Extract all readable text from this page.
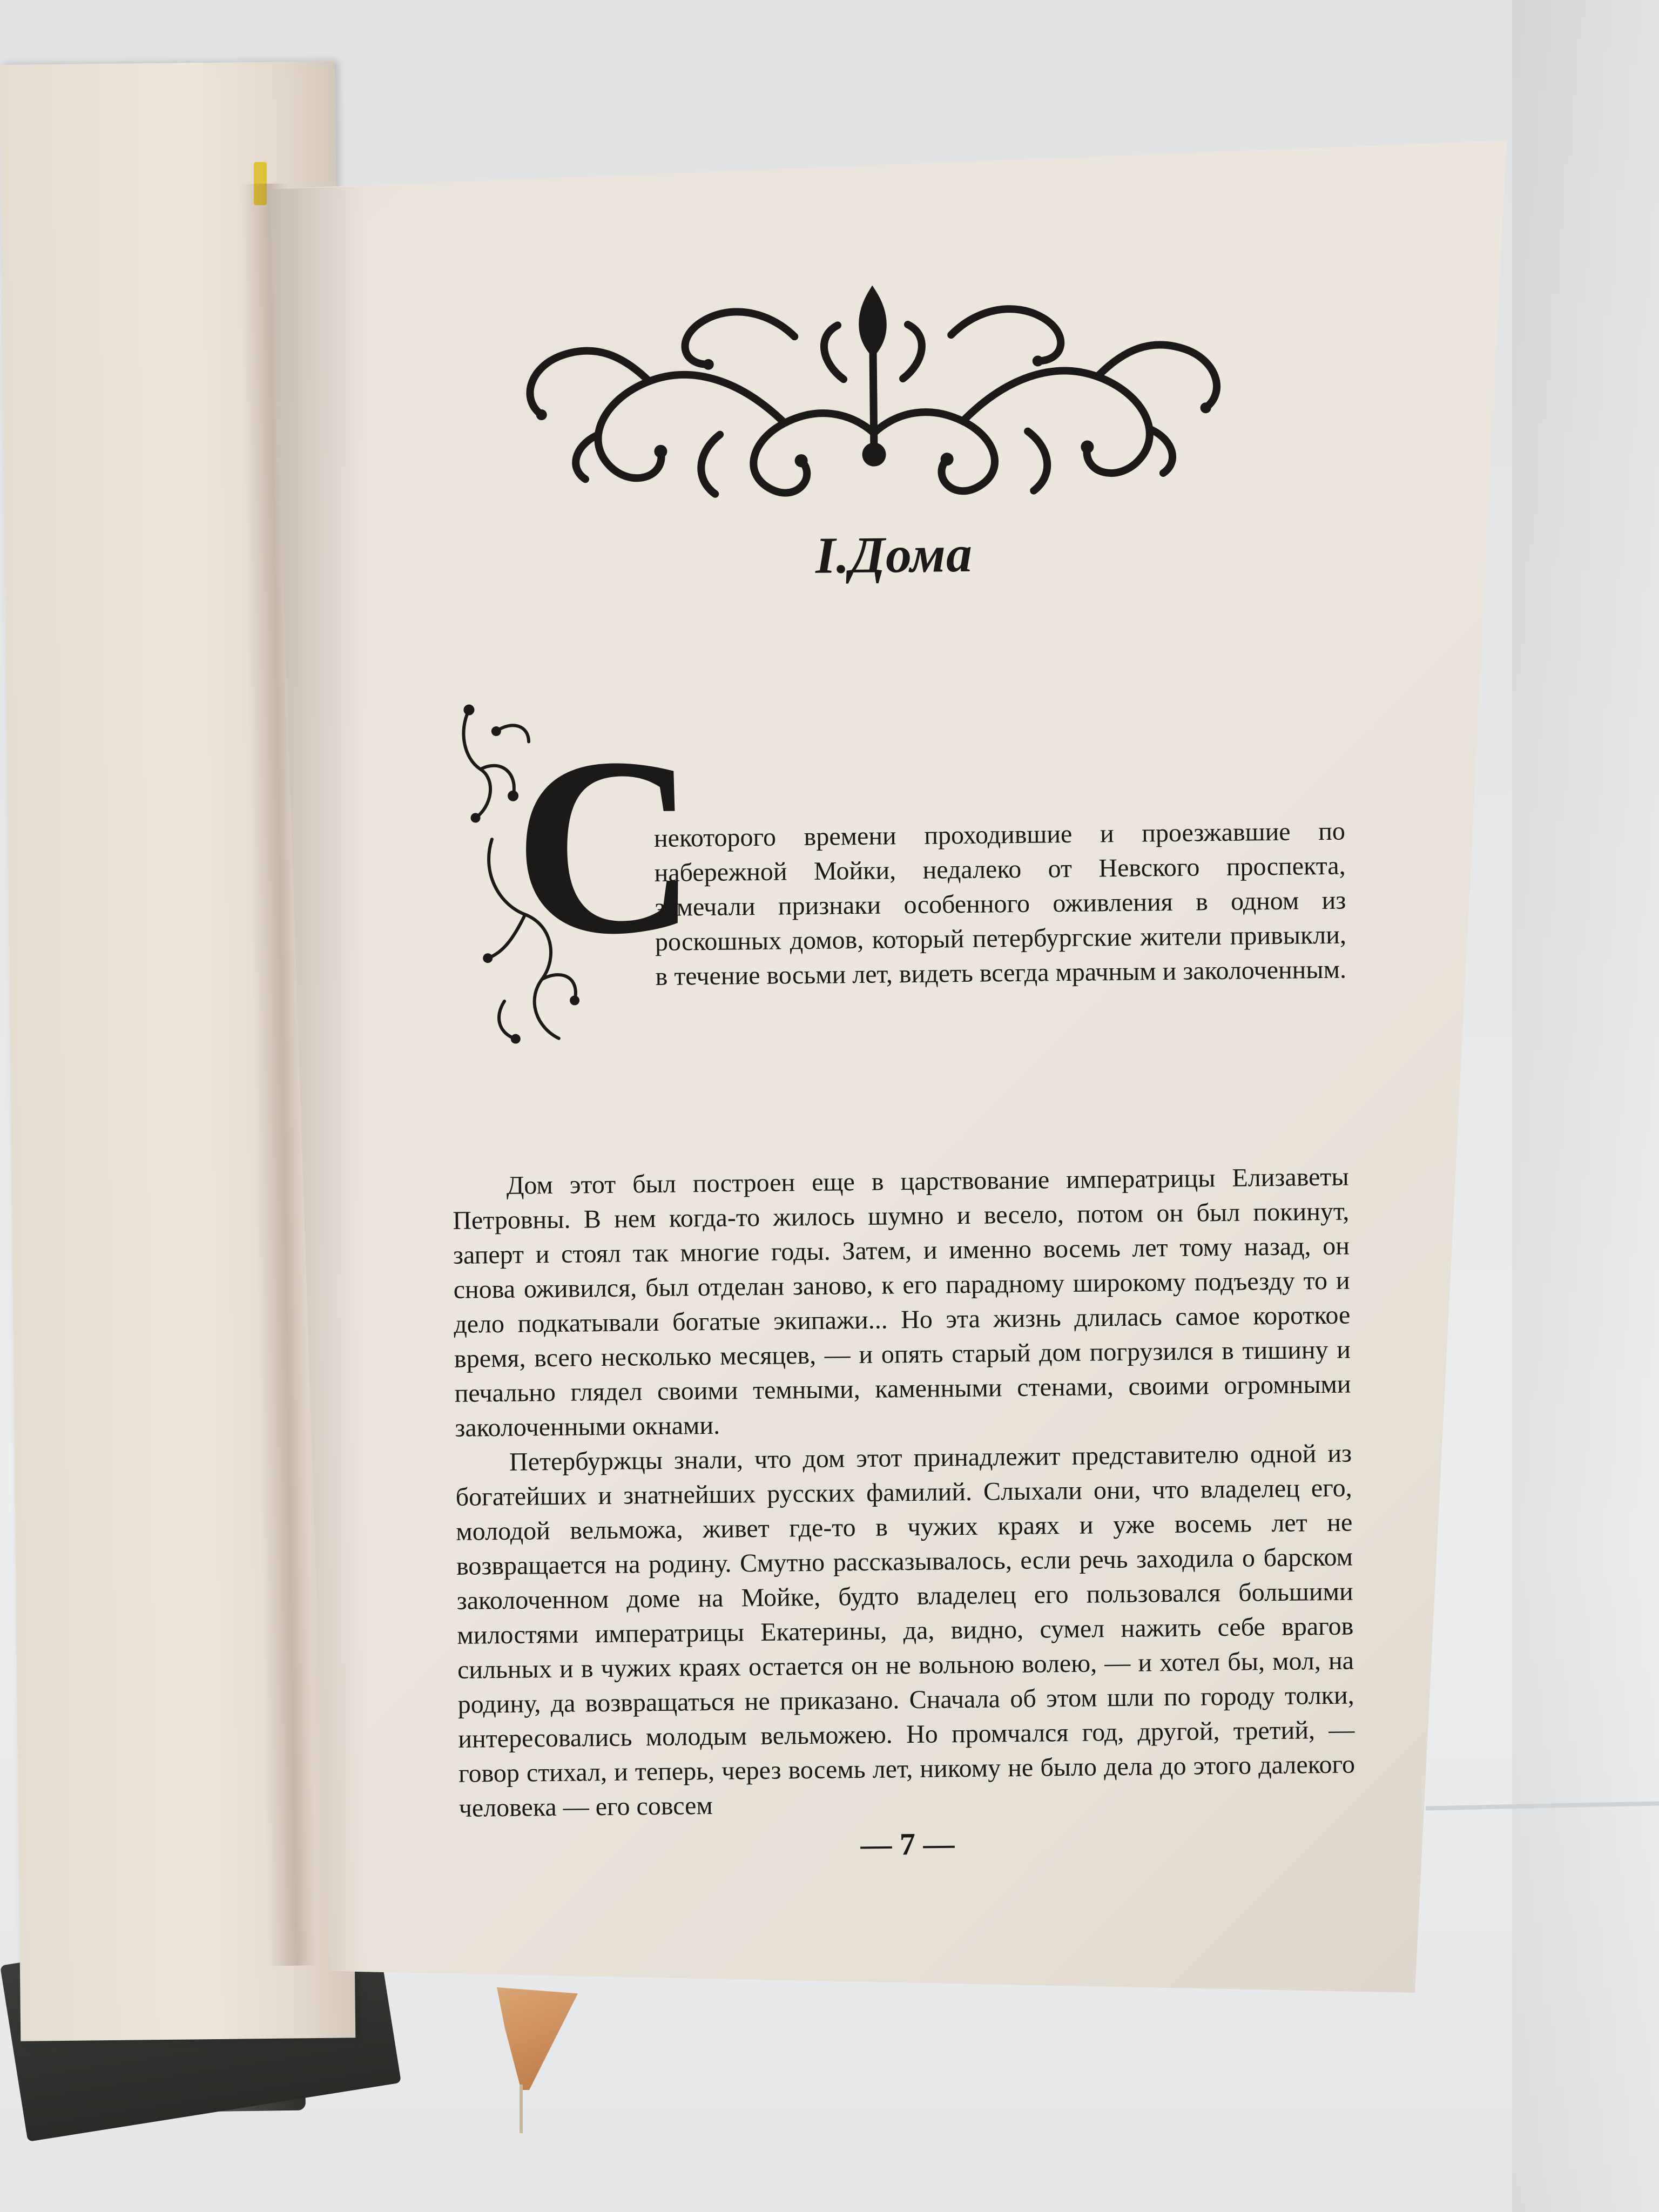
I.Дома
С
некоторого времени проходившие и проезжавшие по набережной Мойки, недалеко от Невского проспекта, замечали признаки особенного оживления в одном из роскошных домов, который петербургские жители привыкли, в течение восьми лет, видеть всегда мрачным и заколоченным.

Дом этот был построен еще в царствование императрицы Елизаветы Петровны. В нем когда-то жилось шумно и весело, потом он был покинут, заперт и стоял так многие годы. Затем, и именно восемь лет тому назад, он снова оживился, был отделан заново, к его парадному широкому подъезду то и дело подкатывали богатые экипажи... Но эта жизнь длилась самое короткое время, всего несколько месяцев, — и опять старый дом погрузился в тишину и печально глядел своими темными, каменными стенами, своими огромными заколоченными окнами.

Петербуржцы знали, что дом этот принадлежит представителю одной из богатейших и знатнейших русских фамилий. Слыхали они, что владелец его, молодой вельможа, живет где-то в чужих краях и уже восемь лет не возвращается на родину. Смутно рассказывалось, если речь заходила о барском заколоченном доме на Мойке, будто владелец его пользовался большими милостями императрицы Екатерины, да, видно, сумел нажить себе врагов сильных и в чужих краях остается он не вольною волею, — и хотел бы, мол, на родину, да возвращаться не приказано. Сначала об этом шли по городу толки, интересовались молодым вельможею. Но промчался год, другой, третий, — говор стихал, и теперь, через восемь лет, никому не было дела до этого далекого человека — его совсем

— 7 —
